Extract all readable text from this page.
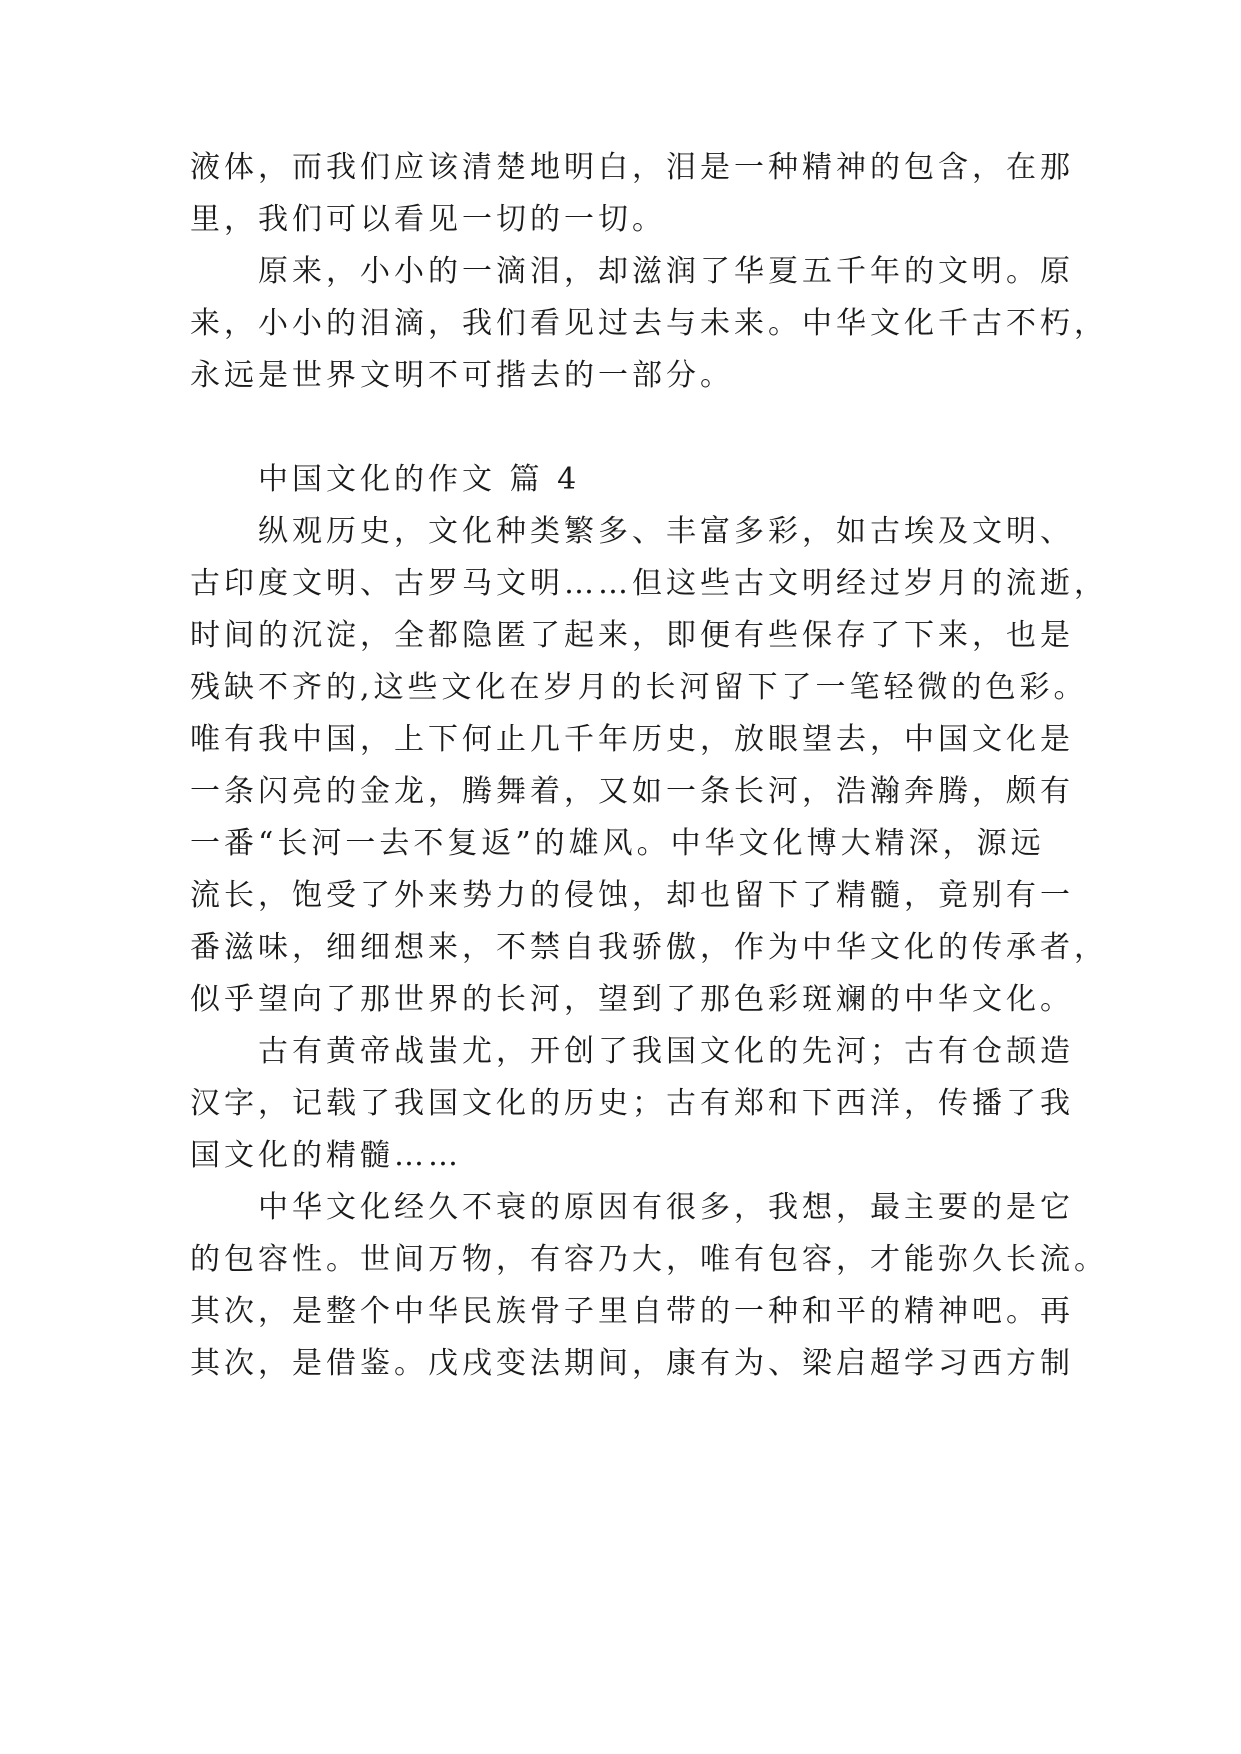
液体，而我们应该清楚地明白，泪是一种精神的包含，在那
里，我们可以看见一切的一切。
原来，小小的一滴泪，却滋润了华夏五千年的文明。原
来，小小的泪滴，我们看见过去与未来。中华文化千古不朽，
永远是世界文明不可揩去的一部分。
中国文化的作文 篇 4
纵观历史，文化种类繁多、丰富多彩，如古埃及文明、
古印度文明、古罗马文明……但这些古文明经过岁月的流逝，
时间的沉淀，全都隐匿了起来，即便有些保存了下来，也是
残缺不齐的,这些文化在岁月的长河留下了一笔轻微的色彩。
唯有我中国，上下何止几千年历史，放眼望去，中国文化是
一条闪亮的金龙，腾舞着，又如一条长河，浩瀚奔腾，颇有
一番“长河一去不复返”的雄风。中华文化博大精深，源远
流长，饱受了外来势力的侵蚀，却也留下了精髓，竟别有一
番滋味，细细想来，不禁自我骄傲，作为中华文化的传承者，
似乎望向了那世界的长河，望到了那色彩斑斓的中华文化。
古有黄帝战蚩尤，开创了我国文化的先河；古有仓颉造
汉字，记载了我国文化的历史；古有郑和下西洋，传播了我
国文化的精髓……
中华文化经久不衰的原因有很多，我想，最主要的是它
的包容性。世间万物，有容乃大，唯有包容，才能弥久长流。
其次，是整个中华民族骨子里自带的一种和平的精神吧。再
其次，是借鉴。戊戌变法期间，康有为、梁启超学习西方制
